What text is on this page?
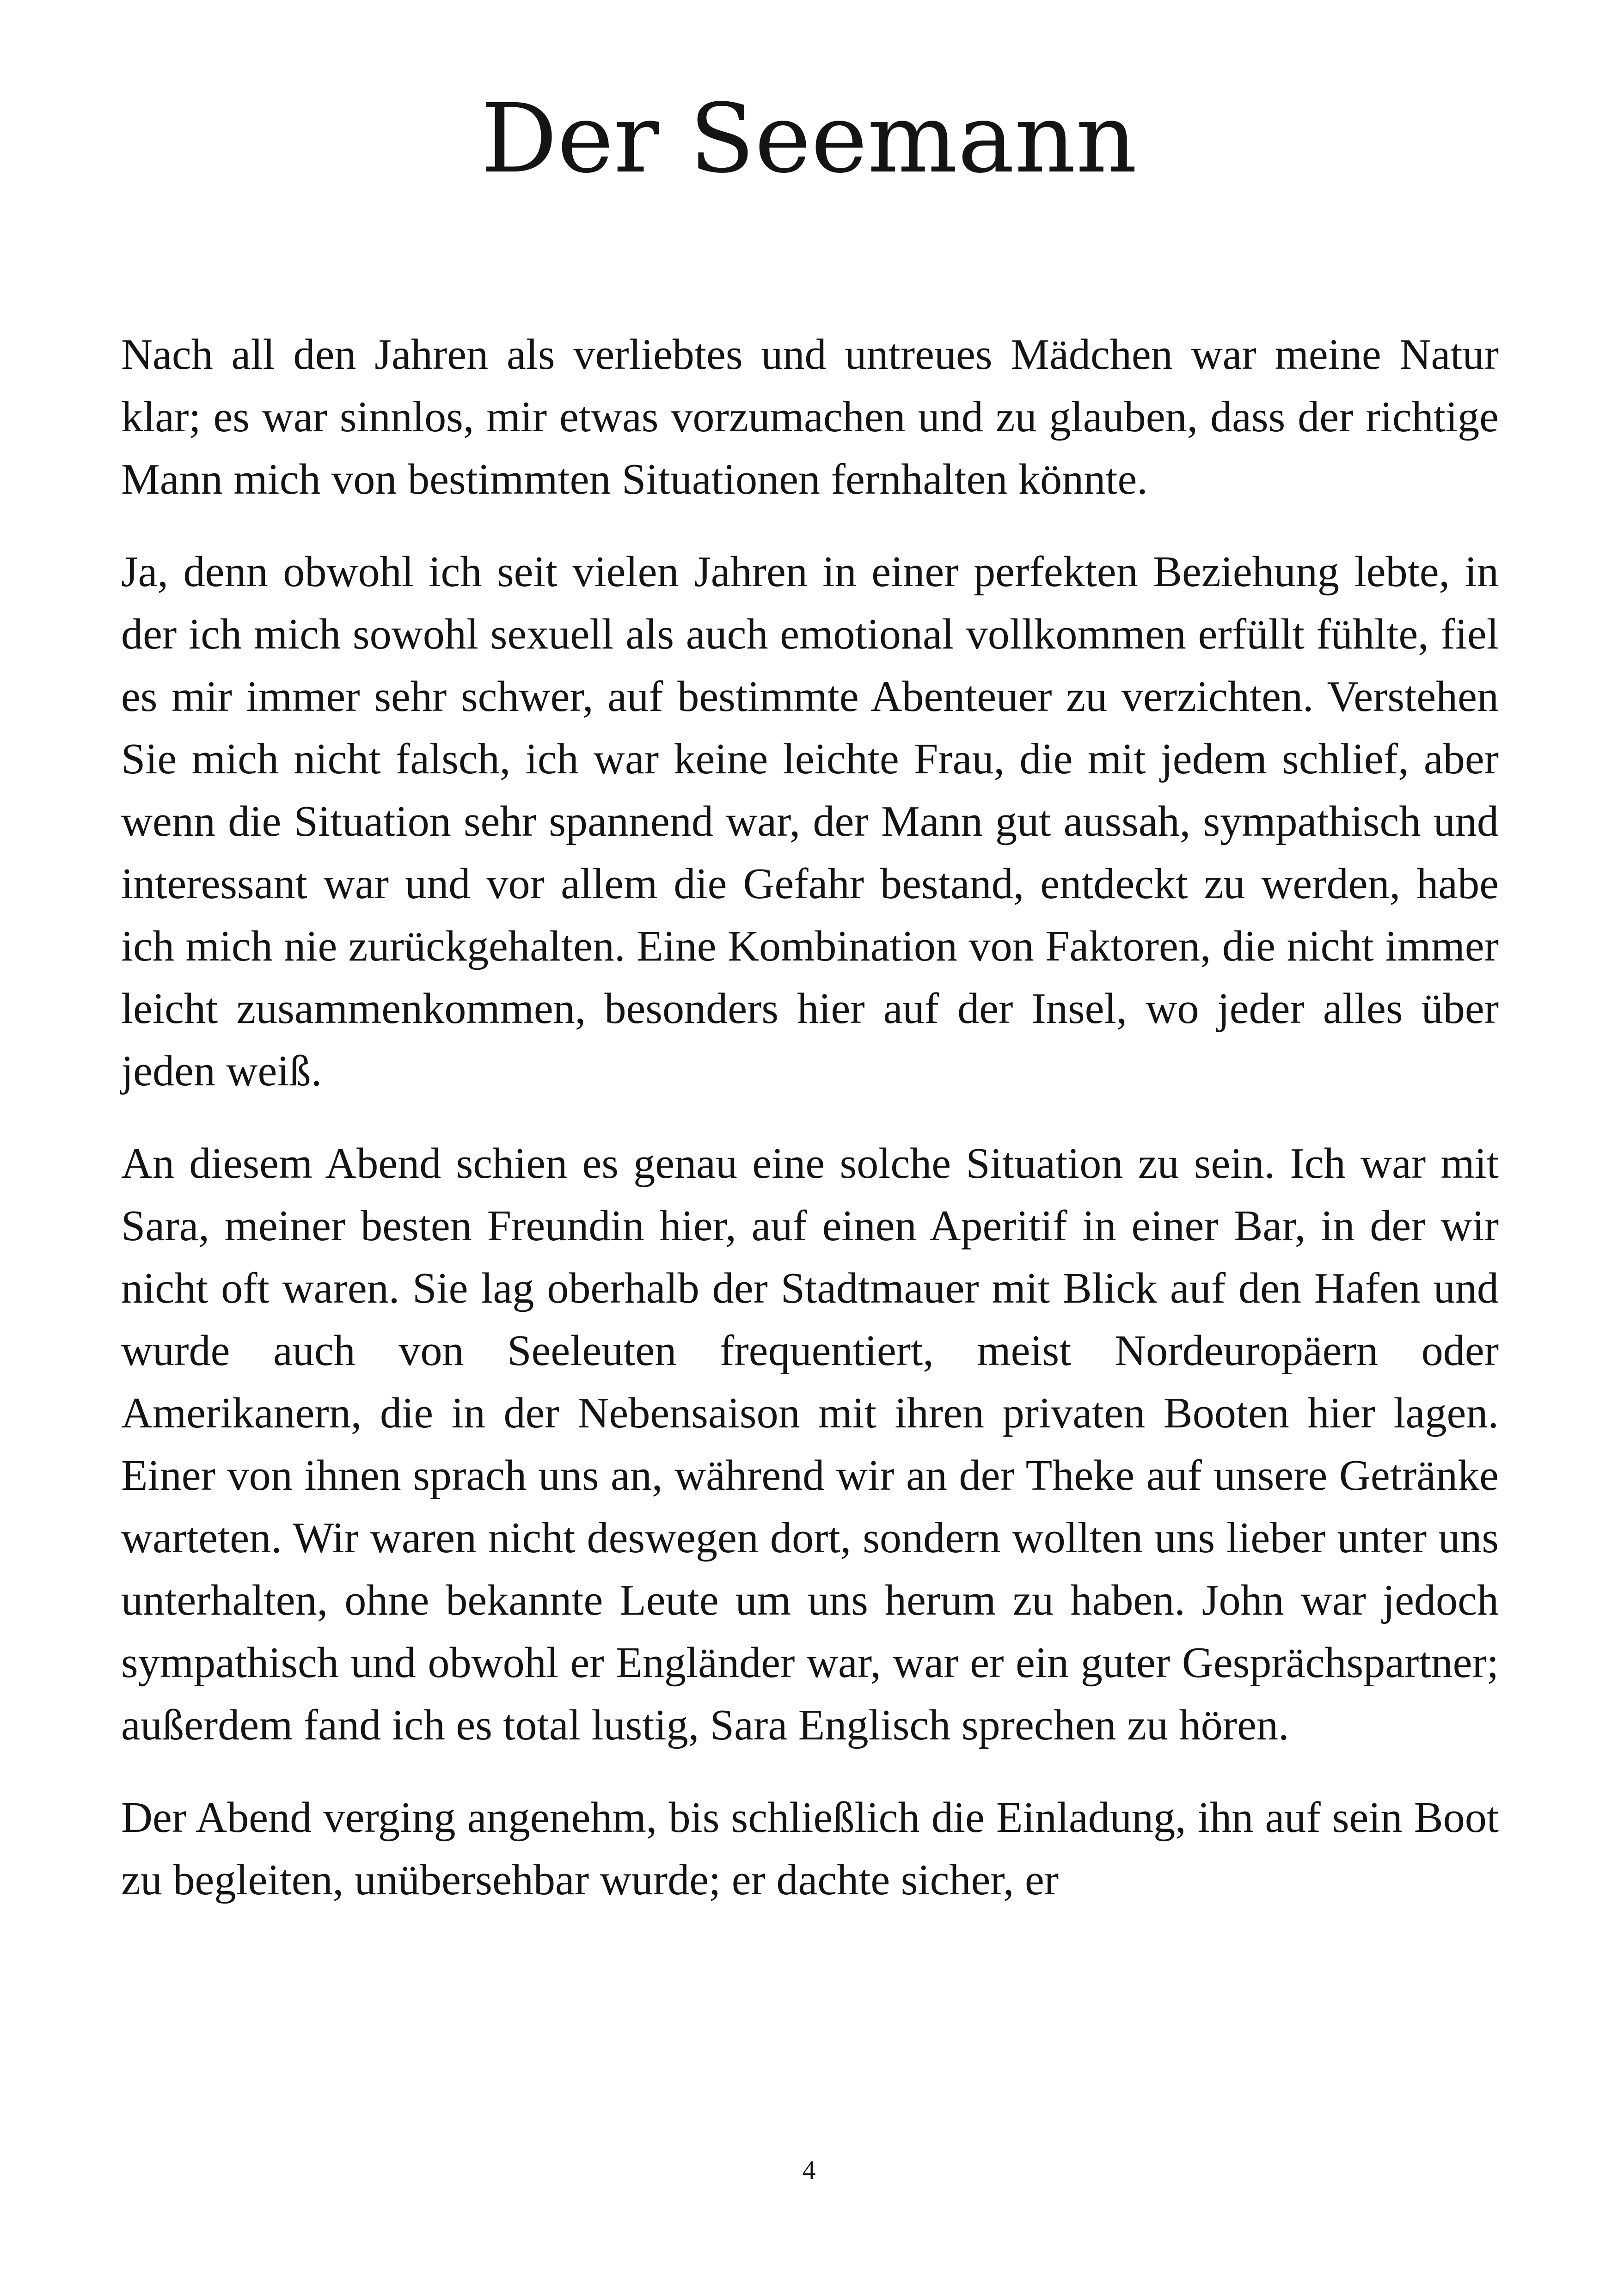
Der Seemann

Nach all den Jahren als verliebtes und untreues Mädchen war meine Natur klar; es war sinnlos, mir etwas vorzumachen und zu glauben, dass der richtige Mann mich von bestimmten Situationen fernhalten könnte.

Ja, denn obwohl ich seit vielen Jahren in einer perfekten Beziehung lebte, in der ich mich sowohl sexuell als auch emotional vollkommen erfüllt fühlte, fiel es mir immer sehr schwer, auf bestimmte Abenteuer zu verzichten. Verstehen Sie mich nicht falsch, ich war keine leichte Frau, die mit jedem schlief, aber wenn die Situation sehr spannend war, der Mann gut aussah, sympathisch und interessant war und vor allem die Gefahr bestand, entdeckt zu werden, habe ich mich nie zurückgehalten. Eine Kombination von Faktoren, die nicht immer leicht zusammenkommen, besonders hier auf der Insel, wo jeder alles über jeden weiß.

An diesem Abend schien es genau eine solche Situation zu sein. Ich war mit Sara, meiner besten Freundin hier, auf einen Aperitif in einer Bar, in der wir nicht oft waren. Sie lag oberhalb der Stadtmauer mit Blick auf den Hafen und wurde auch von Seeleuten frequentiert, meist Nordeuropäern oder Amerikanern, die in der Nebensaison mit ihren privaten Booten hier lagen. Einer von ihnen sprach uns an, während wir an der Theke auf unsere Getränke warteten. Wir waren nicht deswegen dort, sondern wollten uns lieber unter uns unterhalten, ohne bekannte Leute um uns herum zu haben. John war jedoch sympathisch und obwohl er Engländer war, war er ein guter Gesprächspartner; außerdem fand ich es total lustig, Sara Englisch sprechen zu hören.

Der Abend verging angenehm, bis schließlich die Einladung, ihn auf sein Boot zu begleiten, unübersehbar wurde; er dachte sicher, er

4
